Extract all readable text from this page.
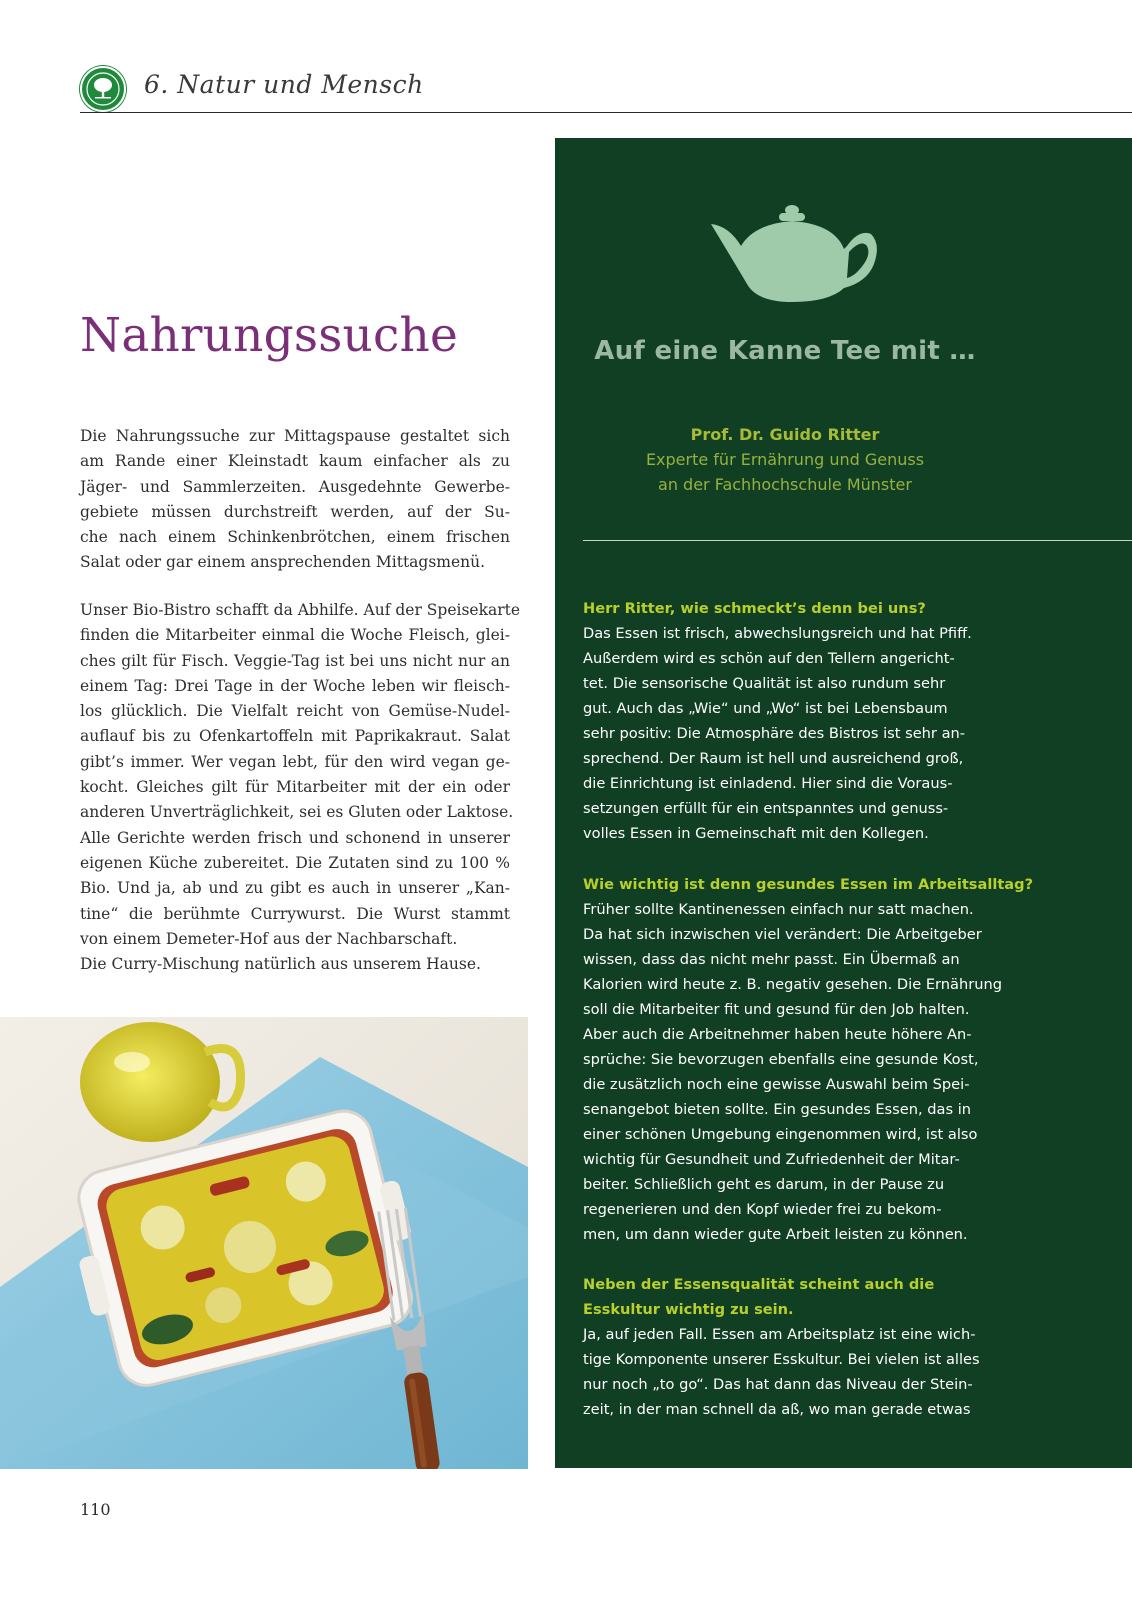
6. Natur und Mensch
Nahrungssuche
Die Nahrungssuche zur Mittagspause gestaltet sich
am Rande einer Kleinstadt kaum einfacher als zu
Jäger- und Sammlerzeiten. Ausgedehnte Gewerbe-
gebiete müssen durchstreift werden, auf der Su-
che nach einem Schinkenbrötchen, einem frischen
Salat oder gar einem ansprechenden Mittagsmenü.
Unser Bio-Bistro schafft da Abhilfe. Auf der Speisekarte
finden die Mitarbeiter einmal die Woche Fleisch, glei-
ches gilt für Fisch. Veggie-Tag ist bei uns nicht nur an
einem Tag: Drei Tage in der Woche leben wir fleisch-
los glücklich. Die Vielfalt reicht von Gemüse-Nudel-
auflauf bis zu Ofenkartoffeln mit Paprikakraut. Salat
gibt’s immer. Wer vegan lebt, für den wird vegan ge-
kocht. Gleiches gilt für Mitarbeiter mit der ein oder
anderen Unverträglichkeit, sei es Gluten oder Laktose.
Alle Gerichte werden frisch und schonend in unserer
eigenen Küche zubereitet. Die Zutaten sind zu 100 %
Bio. Und ja, ab und zu gibt es auch in unserer „Kan-
tine“ die berühmte Currywurst. Die Wurst stammt
von einem Demeter-Hof aus der Nachbarschaft.
Die Curry-Mischung natürlich aus unserem Hause.
Auf eine Kanne Tee mit …
Prof. Dr. Guido Ritter
Experte für Ernährung und Genuss
an der Fachhochschule Münster
Herr Ritter, wie schmeckt’s denn bei uns?
Das Essen ist frisch, abwechslungsreich und hat Pfiff.
Außerdem wird es schön auf den Tellern angericht-
tet. Die sensorische Qualität ist also rundum sehr
gut. Auch das „Wie“ und „Wo“ ist bei Lebensbaum
sehr positiv: Die Atmosphäre des Bistros ist sehr an-
sprechend. Der Raum ist hell und ausreichend groß,
die Einrichtung ist einladend. Hier sind die Voraus-
setzungen erfüllt für ein entspanntes und genuss-
volles Essen in Gemeinschaft mit den Kollegen.
Wie wichtig ist denn gesundes Essen im Arbeitsalltag?
Früher sollte Kantinenessen einfach nur satt machen.
Da hat sich inzwischen viel verändert: Die Arbeitgeber
wissen, dass das nicht mehr passt. Ein Übermaß an
Kalorien wird heute z. B. negativ gesehen. Die Ernährung
soll die Mitarbeiter fit und gesund für den Job halten.
Aber auch die Arbeitnehmer haben heute höhere An-
sprüche: Sie bevorzugen ebenfalls eine gesunde Kost,
die zusätzlich noch eine gewisse Auswahl beim Spei-
senangebot bieten sollte. Ein gesundes Essen, das in
einer schönen Umgebung eingenommen wird, ist also
wichtig für Gesundheit und Zufriedenheit der Mitar-
beiter. Schließlich geht es darum, in der Pause zu
regenerieren und den Kopf wieder frei zu bekom-
men, um dann wieder gute Arbeit leisten zu können.
Neben der Essensqualität scheint auch die
Esskultur wichtig zu sein.
Ja, auf jeden Fall. Essen am Arbeitsplatz ist eine wich-
tige Komponente unserer Esskultur. Bei vielen ist alles
nur noch „to go“. Das hat dann das Niveau der Stein-
zeit, in der man schnell da aß, wo man gerade etwas
110
